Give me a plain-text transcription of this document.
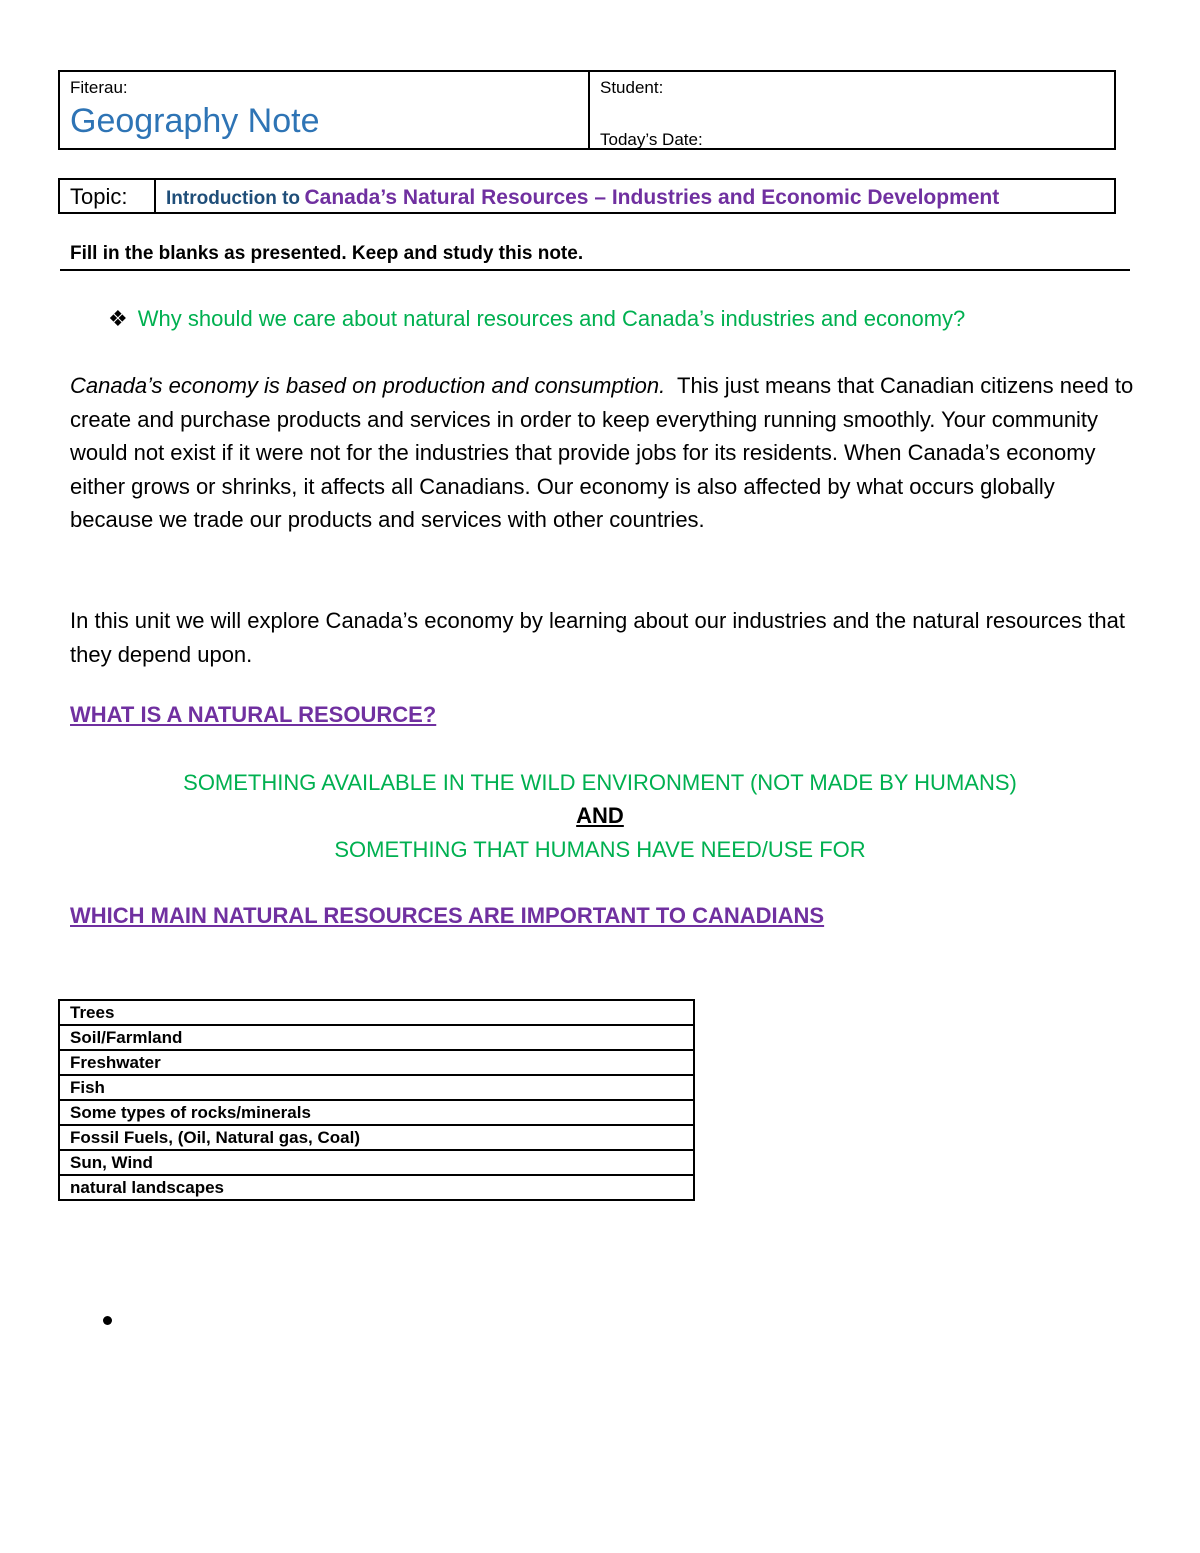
Fiterau:
Geography Note
Student:
Today’s Date:
Topic:	Introduction to Canada’s Natural Resources – Industries and Economic Development
Fill in the blanks as presented. Keep and study this note.
❖ Why should we care about natural resources and Canada’s industries and economy?
Canada’s economy is based on production and consumption. This just means that Canadian citizens need to create and purchase products and services in order to keep everything running smoothly. Your community would not exist if it were not for the industries that provide jobs for its residents. When Canada’s economy either grows or shrinks, it affects all Canadians. Our economy is also affected by what occurs globally because we trade our products and services with other countries.
In this unit we will explore Canada’s economy by learning about our industries and the natural resources that they depend upon.
WHAT IS A NATURAL RESOURCE?
SOMETHING AVAILABLE IN THE WILD ENVIRONMENT (NOT MADE BY HUMANS)
AND
SOMETHING THAT HUMANS HAVE NEED/USE FOR
WHICH MAIN NATURAL RESOURCES ARE IMPORTANT TO CANADIANS
Trees
Soil/Farmland
Freshwater
Fish
Some types of rocks/minerals
Fossil Fuels, (Oil, Natural gas, Coal)
Sun, Wind
natural landscapes
